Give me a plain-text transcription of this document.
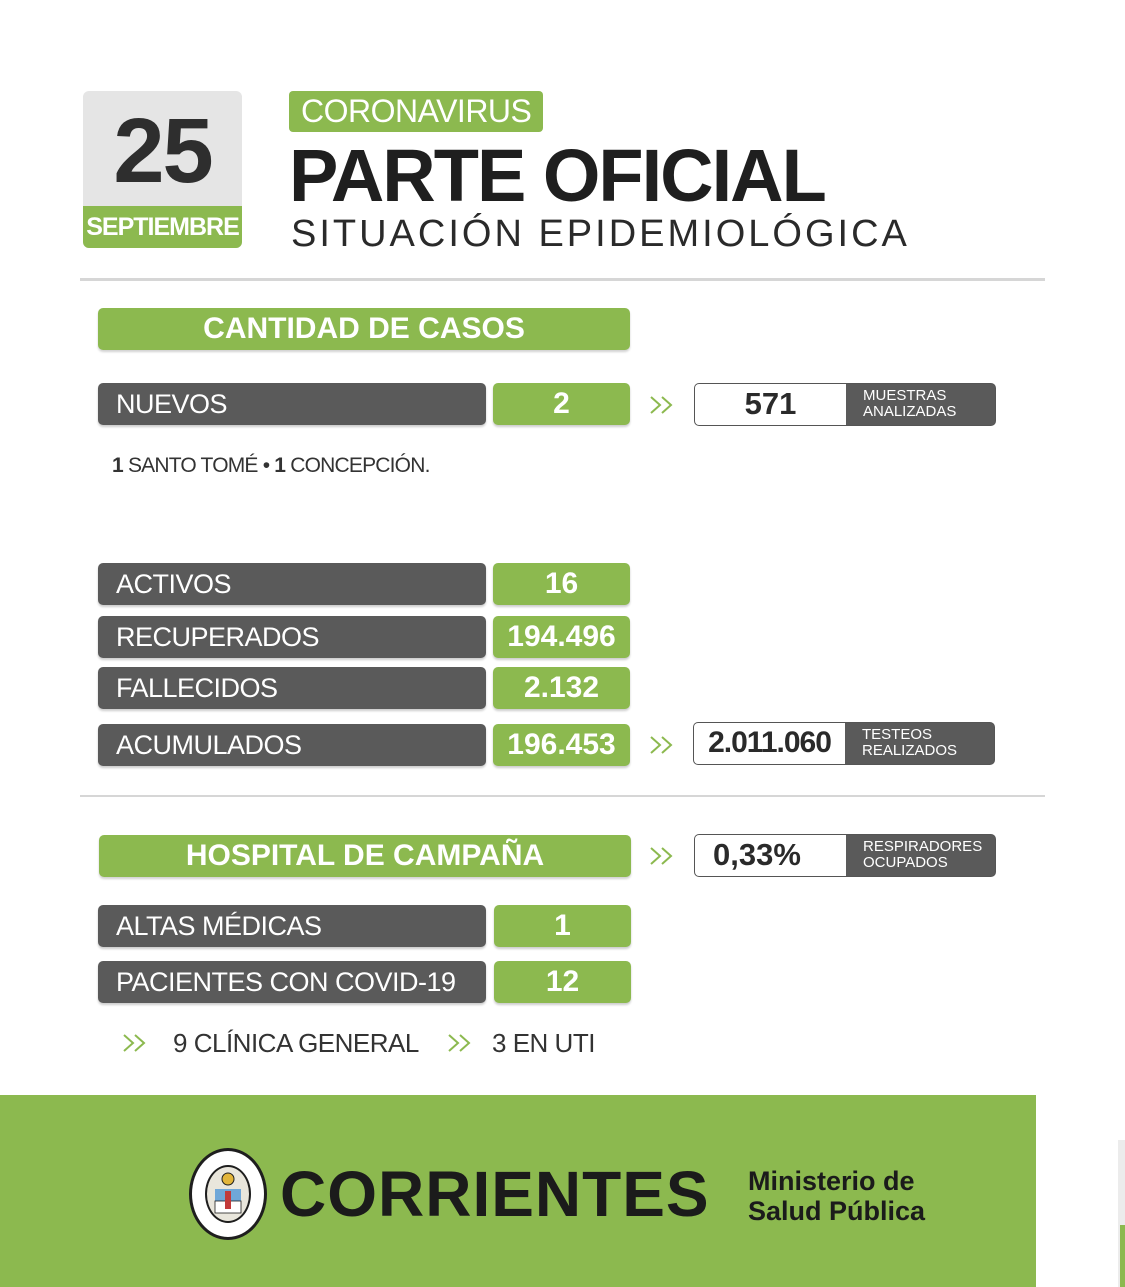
25
SEPTIEMBRE
CORONAVIRUS
PARTE OFICIAL
SITUACIÓN EPIDEMIOLÓGICA
CANTIDAD DE CASOS
NUEVOS	2	571	MUESTRAS
ANALIZADAS
1 SANTO TOMÉ • 1 CONCEPCIÓN.
ACTIVOS	16
RECUPERADOS	194.496
FALLECIDOS	2.132
ACUMULADOS	196.453	2.011.060	TESTEOS
REALIZADOS
HOSPITAL DE CAMPAÑA	0,33%	RESPIRADORES
OCUPADOS
ALTAS MÉDICAS	1
PACIENTES CON COVID-19	12
9 CLÍNICA GENERAL	3 EN UTI
CORRIENTES Ministerio de
Salud Pública
